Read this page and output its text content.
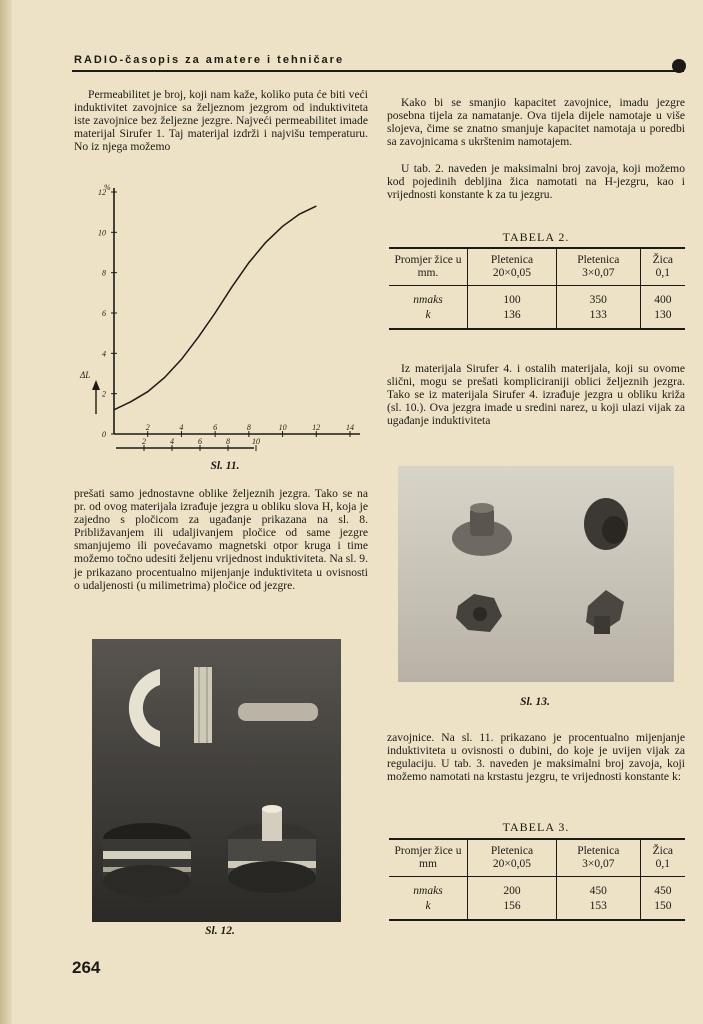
RADIO-časopis za amatere i tehničare

Permeabilitet je broj, koji nam kaže, koliko puta će biti veći induktivitet zavojnice sa željeznom jezgrom od induktiviteta iste zavojnice bez željezne jezgre. Najveći permeabilitet imade materijal Sirufer 1. Taj materijal izdrži i najvišu temperaturu. No iz njega možemo

0
2
4
6
8
10
12
2	4	6	8	10	12	14
2	4	6	8	10
%
ΔL
Sl. 11.

prešati samo jednostavne oblike željeznih jezgra. Tako se na pr. od ovog materijala izrađuje jezgra u obliku slova H, koja je zajedno s pločicom za ugađanje prikazana na sl. 8. Približavanjem ili udaljivanjem pločice od same jezgre smanjujemo ili povećavamo magnetski otpor kruga i time možemo točno udesiti željenu vrijednost induktiviteta. Na sl. 9. je prikazano procentualno mijenjanje induktiviteta u ovisnosti o udaljenosti (u milimetrima) pločice od jezgre.

Sl. 12.

Kako bi se smanjio kapacitet zavojnice, imadu jezgre posebna tijela za namatanje. Ova tijela dijele namotaje u više slojeva, čime se znatno smanjuje kapacitet namotaja u poredbi sa zavojnicama s ukrštenim namotajem.

U tab. 2. naveden je maksimalni broj zavoja, koji možemo kod pojedinih debljina žica namotati na H-jezgru, kao i vrijednosti konstante k za tu jezgru.

TABELA 2.
Promjer žice u mm.	Pletenica 20×0,05	Pletenica 3×0,07	Žica 0,1
nmaks	100	350	400
k	136	133	130

Iz materijala Sirufer 4. i ostalih materijala, koji su ovome slični, mogu se prešati kompliciraniji oblici željeznih jezgra. Tako se iz materijala Sirufer 4. izrađuje jezgra u obliku križa (sl. 10.). Ova jezgra imade u sredini narez, u koji ulazi vijak za ugađanje induktiviteta

Sl. 13.

zavojnice. Na sl. 11. prikazano je procentualno mijenjanje induktiviteta u ovisnosti o dubini, do koje je uvijen vijak za regulaciju. U tab. 3. naveden je maksimalni broj zavoja, koji možemo namotati na krstastu jezgru, te vrijednosti konstante k:

TABELA 3.
Promjer žice u mm	Pletenica 20×0,05	Pletenica 3×0,07	Žica 0,1
nmaks	200	450	450
k	156	153	150
264
